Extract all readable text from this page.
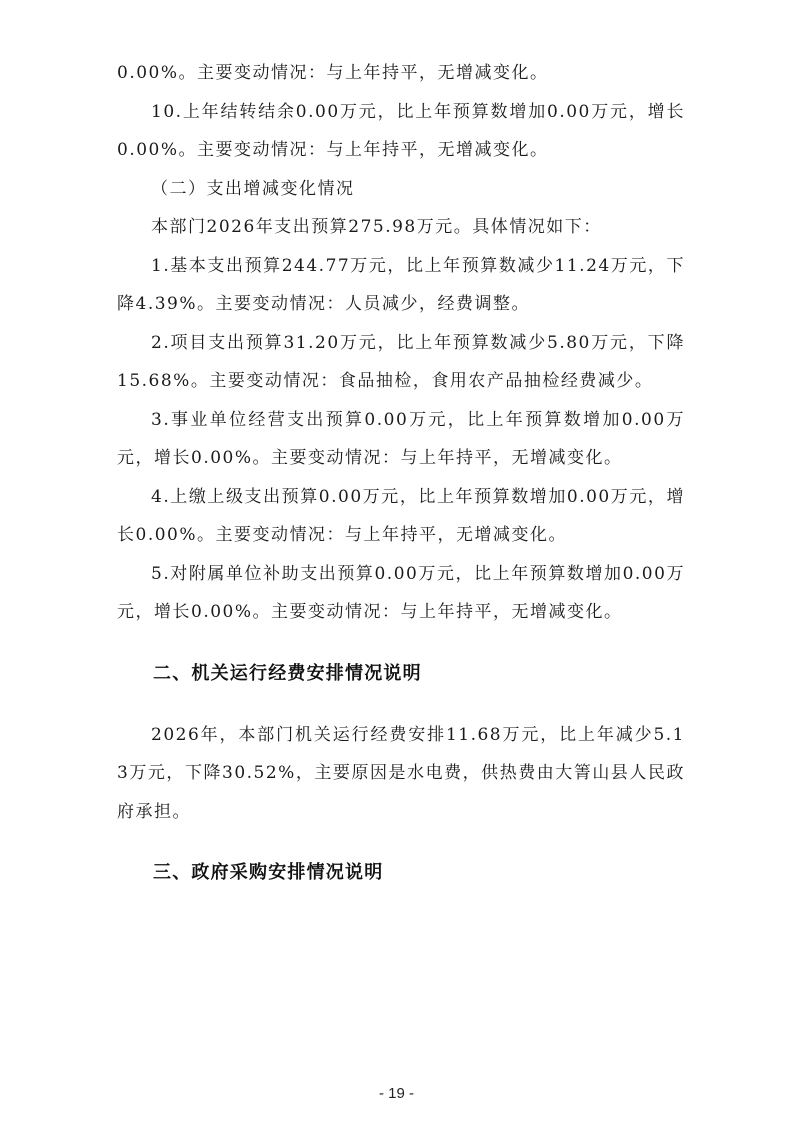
0.00%。主要变动情况：与上年持平，无增减变化。

10.上年结转结余0.00万元，比上年预算数增加0.00万元，增长0.00%。主要变动情况：与上年持平，无增减变化。

（二）支出增减变化情况

本部门2026年支出预算275.98万元。具体情况如下：

1.基本支出预算244.77万元，比上年预算数减少11.24万元，下降4.39%。主要变动情况：人员减少，经费调整。

2.项目支出预算31.20万元，比上年预算数减少5.80万元，下降15.68%。主要变动情况：食品抽检，食用农产品抽检经费减少。

3.事业单位经营支出预算0.00万元，比上年预算数增加0.00万元，增长0.00%。主要变动情况：与上年持平，无增减变化。

4.上缴上级支出预算0.00万元，比上年预算数增加0.00万元，增长0.00%。主要变动情况：与上年持平，无增减变化。

5.对附属单位补助支出预算0.00万元，比上年预算数增加0.00万元，增长0.00%。主要变动情况：与上年持平，无增减变化。

二、机关运行经费安排情况说明

2026年，本部门机关运行经费安排11.68万元，比上年减少5.13万元，下降30.52%，主要原因是水电费，供热费由大箐山县人民政府承担。

三、政府采购安排情况说明
- 19 -
